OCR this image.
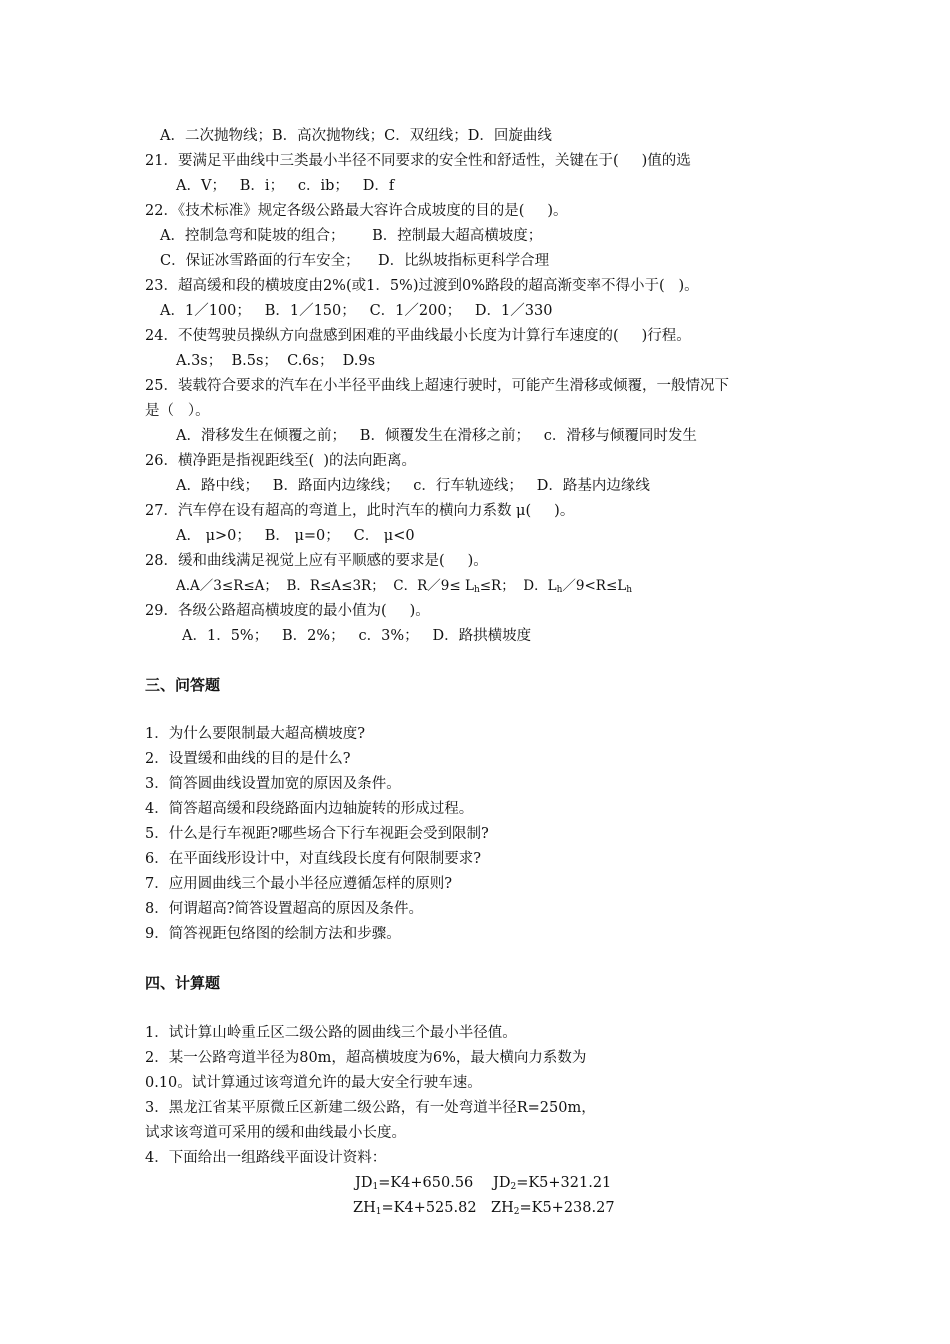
A．二次抛物线；B．高次抛物线；C．双纽线；D．回旋曲线
21．要满足平曲线中三类最小半径不同要求的安全性和舒适性，关键在于(     )值的选
A．V；   B．i；   c．ib；   D．f
22．《技术标准》规定各级公路最大容许合成坡度的目的是(     )。
A．控制急弯和陡坡的组合；      B．控制最大超高横坡度；
C．保证冰雪路面的行车安全；    D．比纵坡指标更科学合理
23．超高缓和段的横坡度由2%(或1．5%)过渡到0%路段的超高渐变率不得小于(   )。
A．1／100；   B．1／150；   C．1／200；   D．1／330
24．不使驾驶员操纵方向盘感到困难的平曲线最小长度为计算行车速度的(     )行程。
A.3s；  B.5s；  C.6s；  D.9s
25．装载符合要求的汽车在小半径平曲线上超速行驶时，可能产生滑移或倾覆，一般情况下
是（   ）。
A．滑移发生在倾覆之前；   B．倾覆发生在滑移之前；   c．滑移与倾覆同时发生
26．横净距是指视距线至(  )的法向距离。
A．路中线；   B．路面内边缘线；   c．行车轨迹线；   D．路基内边缘线
27．汽车停在设有超高的弯道上，此时汽车的横向力系数 μ(     )。
A． μ>0；   B． μ=0；   C． μ<0
28．缓和曲线满足视觉上应有平顺感的要求是(     )。
A.A／3≤R≤A；  B．R≤A≤3R；  C．R／9≤ $L_h\le R$；  D．$L_h/9<R\le L_h$
29．各级公路超高横坡度的最小值为(     )。
A．1．5%；   B．2%；   c．3%；   D．路拱横坡度
三、问答题
1．为什么要限制最大超高横坡度?
2．设置缓和曲线的目的是什么?
3．简答圆曲线设置加宽的原因及条件。
4．简答超高缓和段绕路面内边轴旋转的形成过程。
5．什么是行车视距?哪些场合下行车视距会受到限制?
6．在平面线形设计中，对直线段长度有何限制要求?
7．应用圆曲线三个最小半径应遵循怎样的原则?
8．何谓超高?简答设置超高的原因及条件。
9．简答视距包络图的绘制方法和步骤。
四、计算题
1．试计算山岭重丘区二级公路的圆曲线三个最小半径值。
2．某一公路弯道半径为80m，超高横坡度为6%，最大横向力系数为
0.10。试计算通过该弯道允许的最大安全行驶车速。
3．黑龙江省某平原微丘区新建二级公路，有一处弯道半径R=250m，
试求该弯道可采用的缓和曲线最小长度。
4．下面给出一组路线平面设计资料：
$JD_1=K4+650.56$ $JD_2=K5+321.21$
$ZH_1=K4+525.82$ $ZH_2=K5+238.27$
